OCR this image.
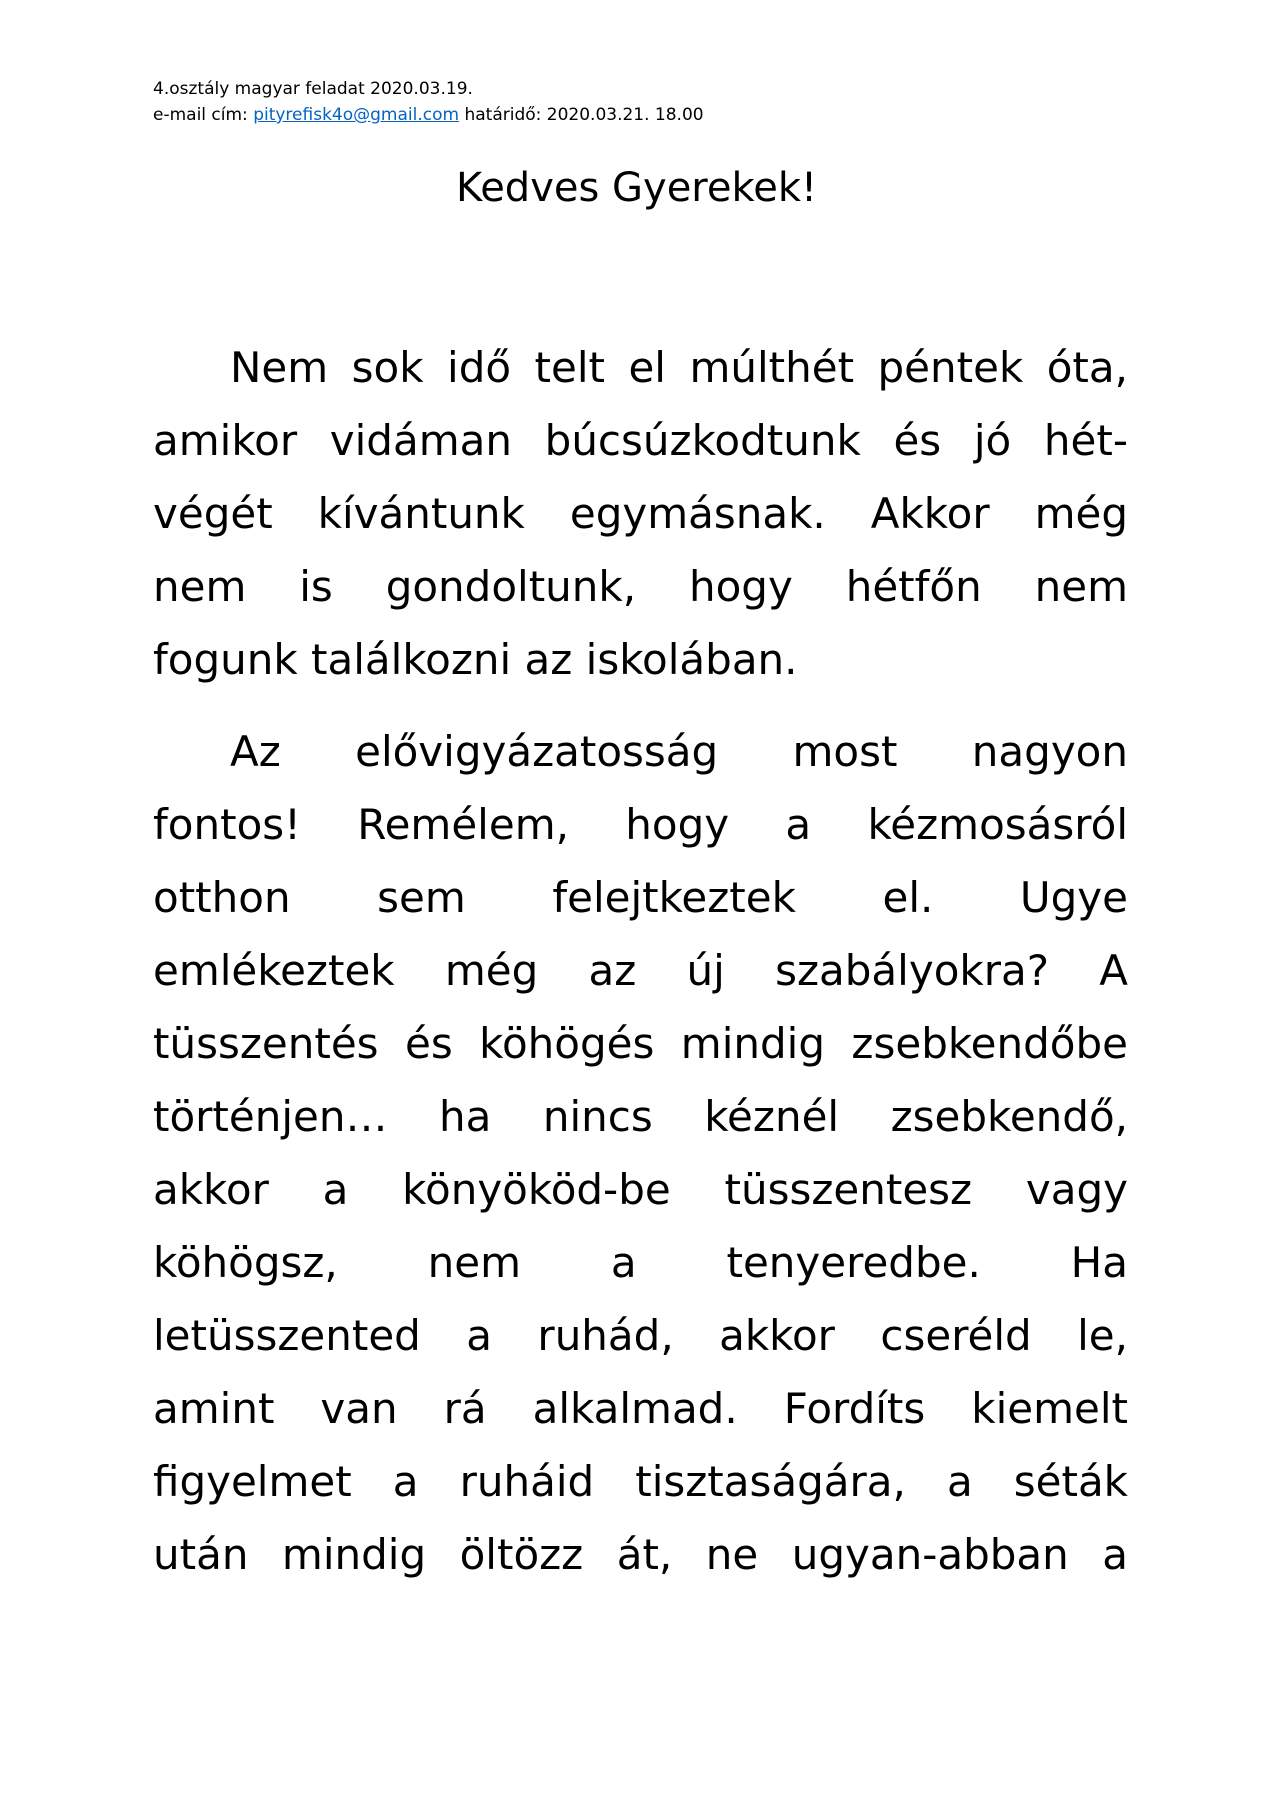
4.osztály magyar feladat 2020.03.19.
e-mail cím: pityrefisk4o@gmail.com határidő: 2020.03.21. 18.00
Kedves Gyerekek!
Nem sok idő telt el múlthét péntek óta,
amikor vidáman búcsúzkodtunk és jó hét-
végét kívántunk egymásnak. Akkor még
nem is gondoltunk, hogy hétfőn nem
fogunk találkozni az iskolában.
Az elővigyázatosság most nagyon
fontos! Remélem, hogy a kézmosásról
otthon sem felejtkeztek el. Ugye
emlékeztek még az új szabályokra? A
tüsszentés és köhögés mindig zsebkendőbe
történjen… ha nincs kéznél zsebkendő,
akkor a könyököd-be tüsszentesz vagy
köhögsz, nem a tenyeredbe. Ha
letüsszented a ruhád, akkor cseréld le,
amint van rá alkalmad. Fordíts kiemelt
figyelmet a ruháid tisztaságára, a séták
után mindig öltözz át, ne ugyan-abban a
